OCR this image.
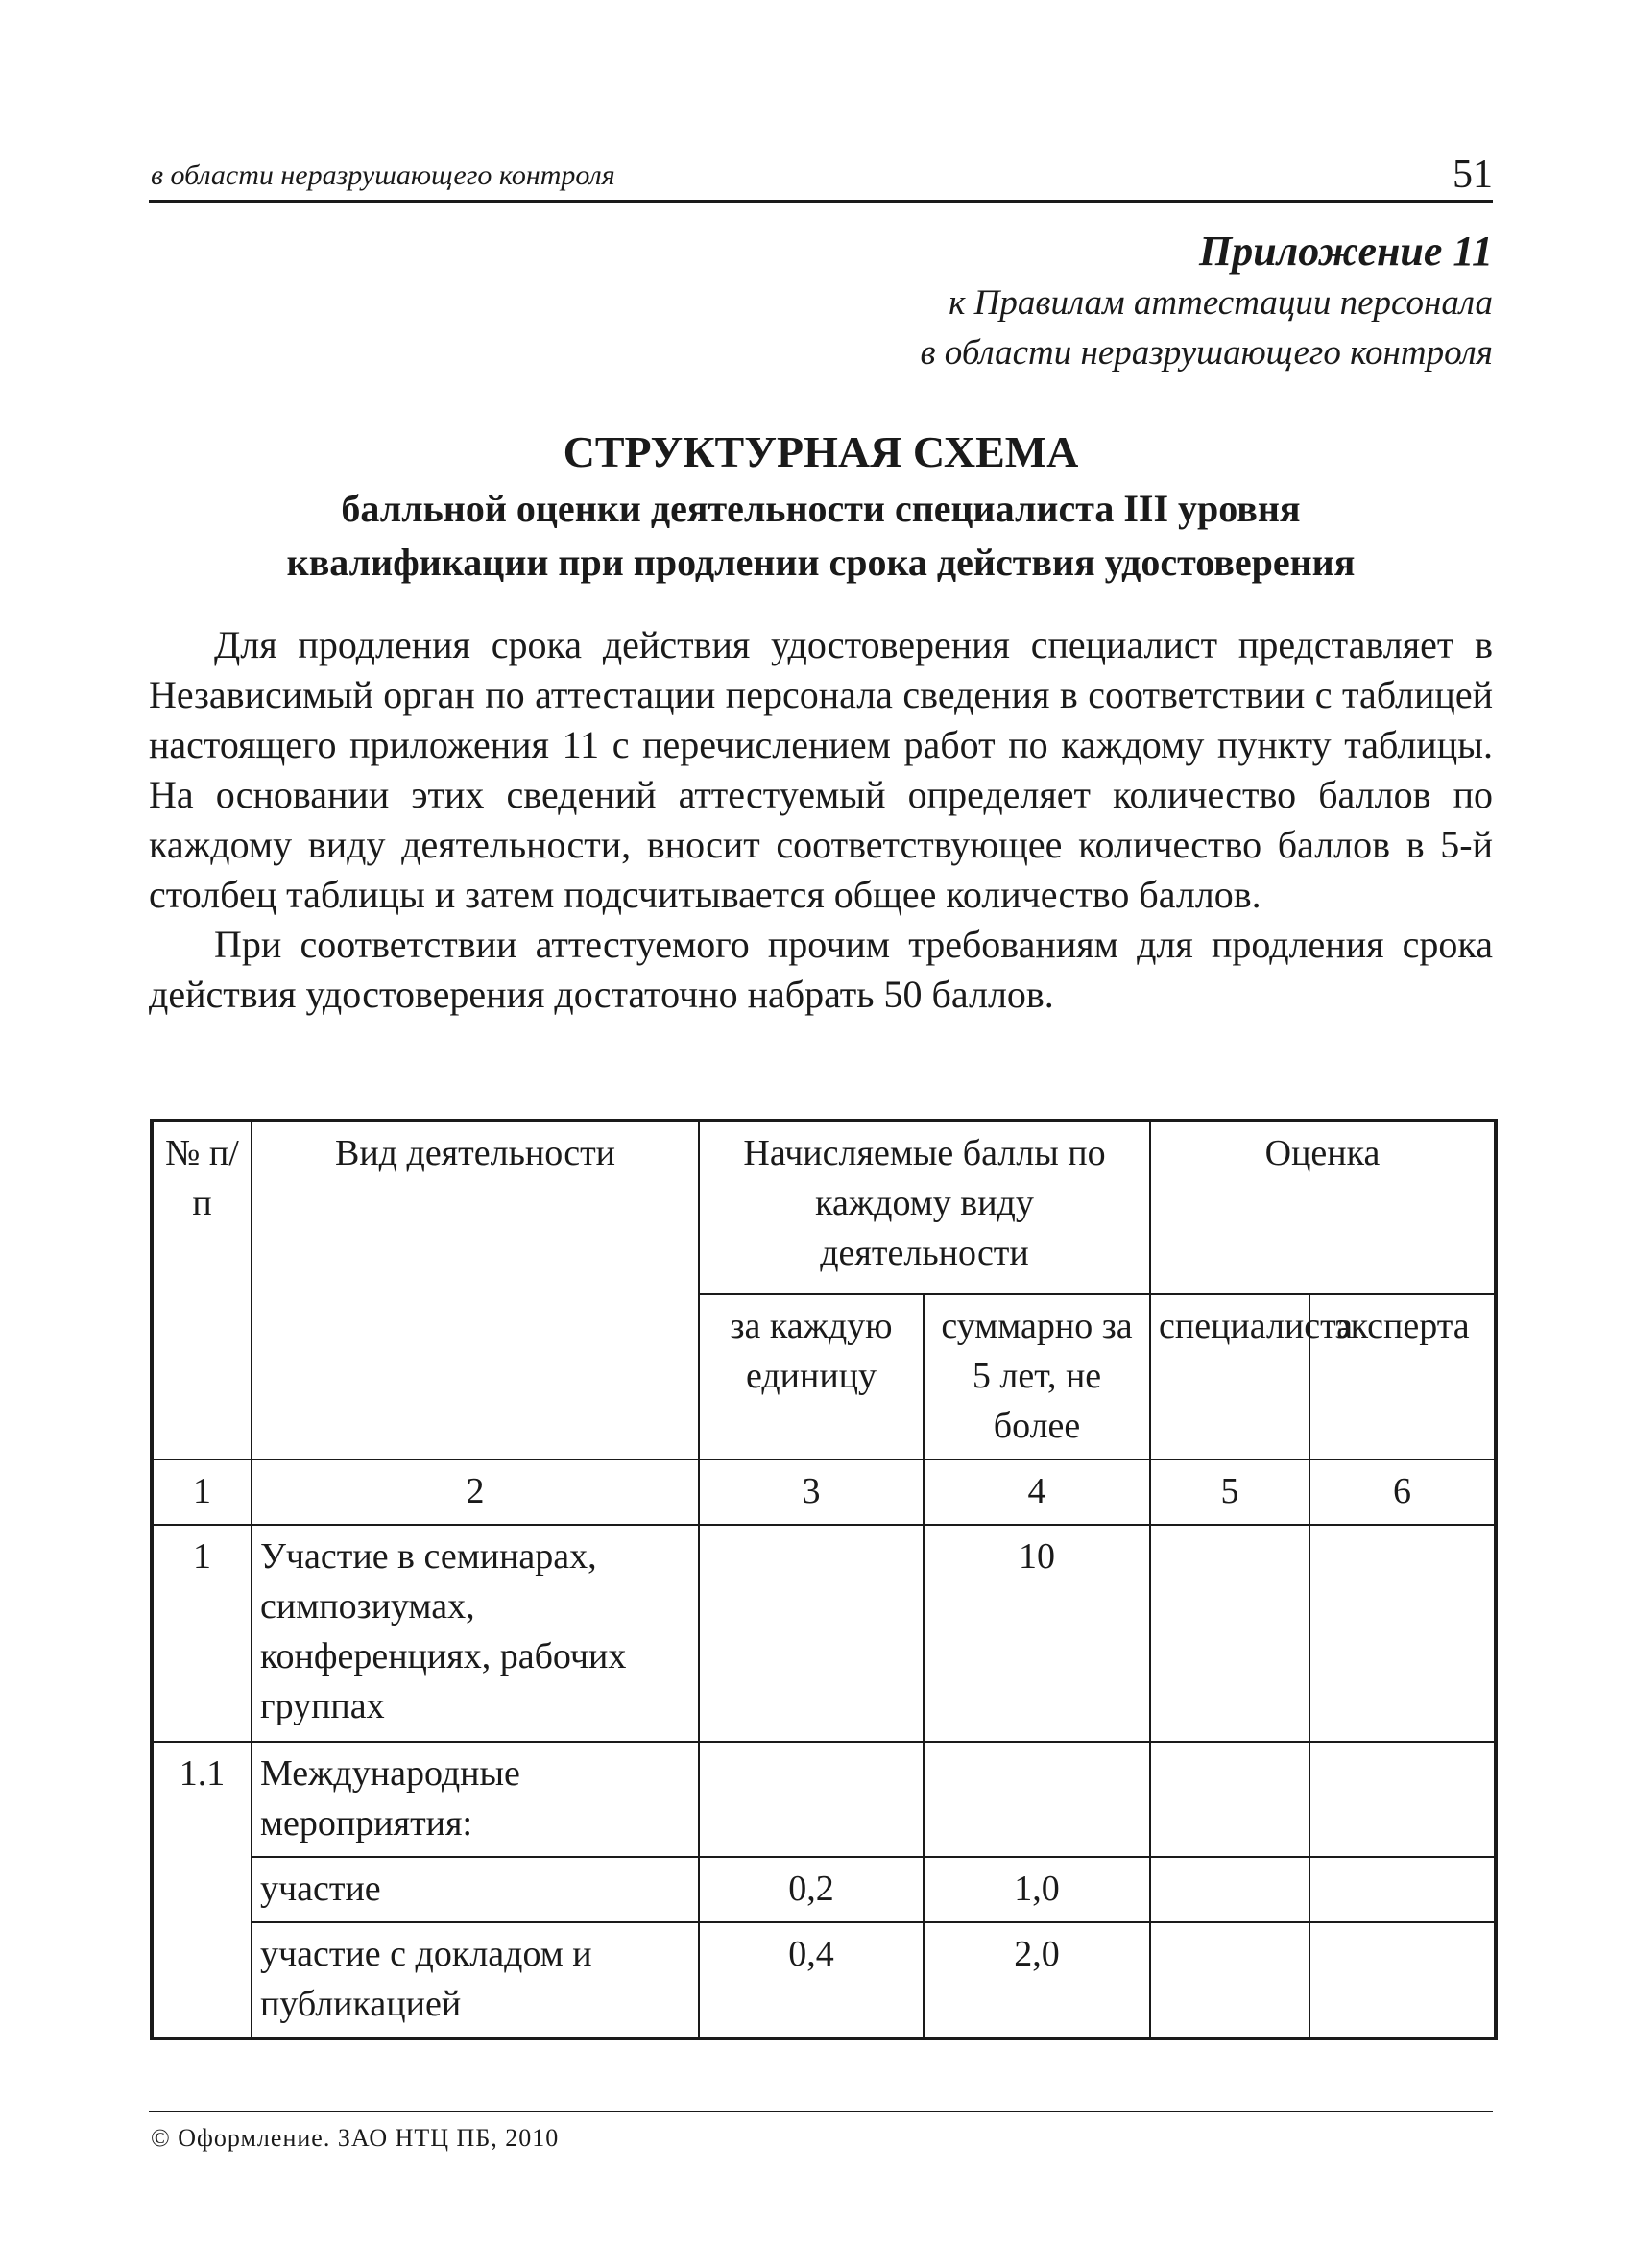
в области неразрушающего контроля	51
Приложение 11
к Правилам аттестации персонала
в области неразрушающего контроля
СТРУКТУРНАЯ СХЕМА
балльной оценки деятельности специалиста III уровня
квалификации при продлении срока действия удостоверения

Для продления срока действия удостоверения специалист представляет в Независимый орган по аттестации персонала сведения в соответствии с таблицей настоящего приложения 11 с перечислением работ по каждому пункту таблицы. На основании этих сведений аттестуемый определяет количество баллов по каждому виду деятельности, вносит соответствующее количество баллов в 5-й столбец таблицы и затем подсчитывается общее количество баллов.

При соответствии аттестуемого прочим требованиям для продления срока действия удостоверения достаточно набрать 50 баллов.

№ п/п	Вид деятельности	Начисляемые баллы по каждому виду деятельности		Оценка	
		за каждую единицу	суммарно за 5 лет, не более	специалиста	эксперта
1	2	3	4	5	6
1	Участие в семинарах, симпозиумах, конференциях, рабочих группах		10		
1.1	Международные мероприятия:				
	участие	0,2	1,0		
	участие с докладом и публикацией	0,4	2,0		
© Оформление. ЗАО НТЦ ПБ, 2010
